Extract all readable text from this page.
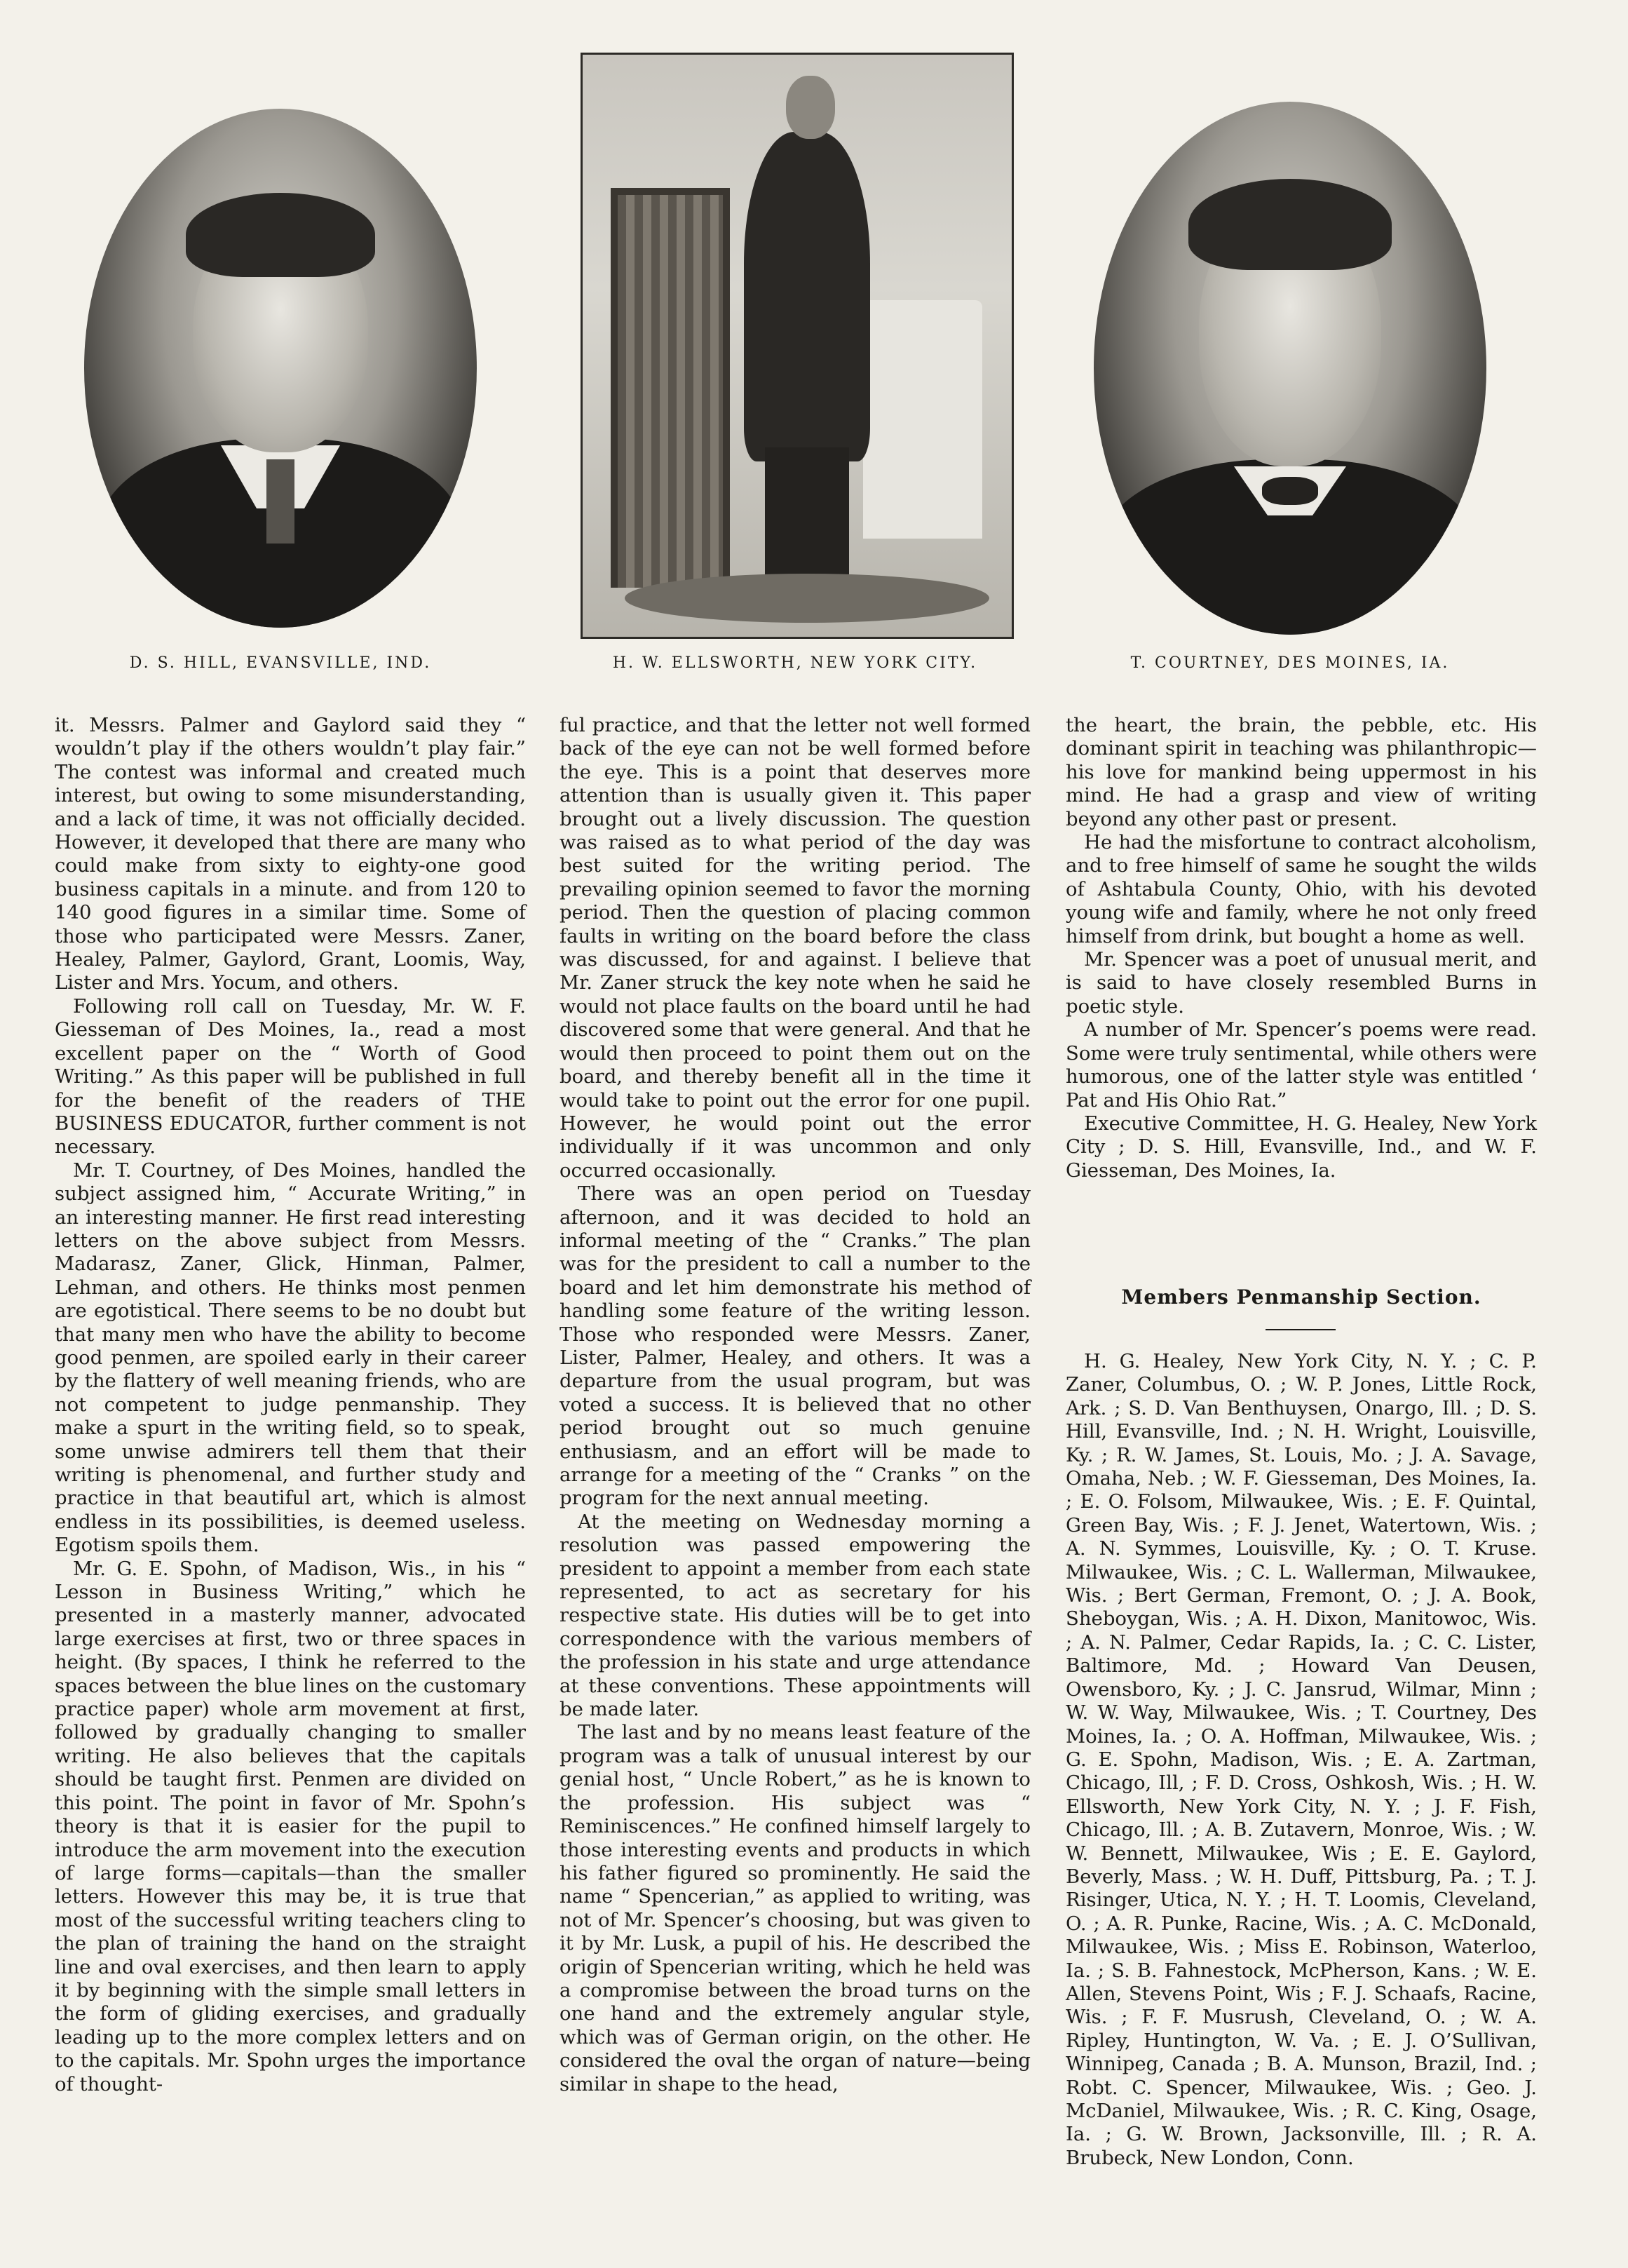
D. S. HILL, EVANSVILLE, IND.	H. W. ELLSWORTH, NEW YORK CITY.	T. COURTNEY, DES MOINES, IA.

it. Messrs. Palmer and Gaylord said they “ wouldn’t play if the others wouldn’t play fair.” The contest was informal and created much interest, but owing to some misunderstanding, and a lack of time, it was not officially decided. However, it developed that there are many who could make from sixty to eighty-one good business capitals in a minute. and from 120 to 140 good figures in a similar time. Some of those who participated were Messrs. Zaner, Healey, Palmer, Gaylord, Grant, Loomis, Way, Lister and Mrs. Yocum, and others.

Following roll call on Tuesday, Mr. W. F. Giesseman of Des Moines, Ia., read a most excellent paper on the “ Worth of Good Writing.” As this paper will be published in full for the benefit of the readers of THE BUSINESS EDUCATOR, further comment is not necessary.

Mr. T. Courtney, of Des Moines, handled the subject assigned him, “ Accurate Writing,” in an interesting manner. He first read interesting letters on the above subject from Messrs. Madarasz, Zaner, Glick, Hinman, Palmer, Lehman, and others. He thinks most penmen are egotistical. There seems to be no doubt but that many men who have the ability to become good penmen, are spoiled early in their career by the flattery of well meaning friends, who are not competent to judge penmanship. They make a spurt in the writing field, so to speak, some unwise admirers tell them that their writing is phenomenal, and further study and practice in that beautiful art, which is almost endless in its possibilities, is deemed useless. Egotism spoils them.

Mr. G. E. Spohn, of Madison, Wis., in his “ Lesson in Business Writing,” which he presented in a masterly manner, advocated large exercises at first, two or three spaces in height. (By spaces, I think he referred to the spaces between the blue lines on the customary practice paper) whole arm movement at first, followed by gradually changing to smaller writing. He also believes that the capitals should be taught first. Penmen are divided on this point. The point in favor of Mr. Spohn’s theory is that it is easier for the pupil to introduce the arm movement into the execution of large forms—capitals—than the smaller letters. However this may be, it is true that most of the successful writing teachers cling to the plan of training the hand on the straight line and oval exercises, and then learn to apply it by beginning with the simple small letters in the form of gliding exercises, and gradually leading up to the more complex letters and on to the capitals. Mr. Spohn urges the importance of thought-

ful practice, and that the letter not well formed back of the eye can not be well formed before the eye. This is a point that deserves more attention than is usually given it. This paper brought out a lively discussion. The question was raised as to what period of the day was best suited for the writing period. The prevailing opinion seemed to favor the morning period. Then the question of placing common faults in writing on the board before the class was discussed, for and against. I believe that Mr. Zaner struck the key note when he said he would not place faults on the board until he had discovered some that were general. And that he would then proceed to point them out on the board, and thereby benefit all in the time it would take to point out the error for one pupil. However, he would point out the error individually if it was uncommon and only occurred occasionally.

There was an open period on Tuesday afternoon, and it was decided to hold an informal meeting of the “ Cranks.” The plan was for the president to call a number to the board and let him demonstrate his method of handling some feature of the writing lesson. Those who responded were Messrs. Zaner, Lister, Palmer, Healey, and others. It was a departure from the usual program, but was voted a success. It is believed that no other period brought out so much genuine enthusiasm, and an effort will be made to arrange for a meeting of the “ Cranks ” on the program for the next annual meeting.

At the meeting on Wednesday morning a resolution was passed empowering the president to appoint a member from each state represented, to act as secretary for his respective state. His duties will be to get into correspondence with the various members of the profession in his state and urge attendance at these conventions. These appointments will be made later.

The last and by no means least feature of the program was a talk of unusual interest by our genial host, “ Uncle Robert,” as he is known to the profession. His subject was “ Reminiscences.” He confined himself largely to those interesting events and products in which his father figured so prominently. He said the name “ Spencerian,” as applied to writing, was not of Mr. Spencer’s choosing, but was given to it by Mr. Lusk, a pupil of his. He described the origin of Spencerian writing, which he held was a compromise between the broad turns on the one hand and the extremely angular style, which was of German origin, on the other. He considered the oval the organ of nature—being similar in shape to the head,

the heart, the brain, the pebble, etc. His dominant spirit in teaching was philanthropic—his love for mankind being uppermost in his mind. He had a grasp and view of writing beyond any other past or present.

He had the misfortune to contract alcoholism, and to free himself of same he sought the wilds of Ashtabula County, Ohio, with his devoted young wife and family, where he not only freed himself from drink, but bought a home as well.

Mr. Spencer was a poet of unusual merit, and is said to have closely resembled Burns in poetic style.

A number of Mr. Spencer’s poems were read. Some were truly sentimental, while others were humorous, one of the latter style was entitled ‘ Pat and His Ohio Rat.”

Executive Committee, H. G. Healey, New York City ; D. S. Hill, Evansville, Ind., and W. F. Giesseman, Des Moines, Ia.

Members Penmanship Section.

H. G. Healey, New York City, N. Y. ; C. P. Zaner, Columbus, O. ; W. P. Jones, Little Rock, Ark. ; S. D. Van Benthuysen, Onargo, Ill. ; D. S. Hill, Evansville, Ind. ; N. H. Wright, Louisville, Ky. ; R. W. James, St. Louis, Mo. ; J. A. Savage, Omaha, Neb. ; W. F. Giesseman, Des Moines, Ia. ; E. O. Folsom, Milwaukee, Wis. ; E. F. Quintal, Green Bay, Wis. ; F. J. Jenet, Watertown, Wis. ; A. N. Symmes, Louisville, Ky. ; O. T. Kruse. Milwaukee, Wis. ; C. L. Wallerman, Milwaukee, Wis. ; Bert German, Fremont, O. ; J. A. Book, Sheboygan, Wis. ; A. H. Dixon, Manitowoc, Wis. ; A. N. Palmer, Cedar Rapids, Ia. ; C. C. Lister, Baltimore, Md. ; Howard Van Deusen, Owensboro, Ky. ; J. C. Jansrud, Wilmar, Minn ; W. W. Way, Milwaukee, Wis. ; T. Courtney, Des Moines, Ia. ; O. A. Hoffman, Milwaukee, Wis. ; G. E. Spohn, Madison, Wis. ; E. A. Zartman, Chicago, Ill, ; F. D. Cross, Oshkosh, Wis. ; H. W. Ellsworth, New York City, N. Y. ; J. F. Fish, Chicago, Ill. ; A. B. Zutavern, Monroe, Wis. ; W. W. Bennett, Milwaukee, Wis ; E. E. Gaylord, Beverly, Mass. ; W. H. Duff, Pittsburg, Pa. ; T. J. Risinger, Utica, N. Y. ; H. T. Loomis, Cleveland, O. ; A. R. Punke, Racine, Wis. ; A. C. McDonald, Milwaukee, Wis. ; Miss E. Robinson, Waterloo, Ia. ; S. B. Fahnestock, McPherson, Kans. ; W. E. Allen, Stevens Point, Wis ; F. J. Schaafs, Racine, Wis. ; F. F. Musrush, Cleveland, O. ; W. A. Ripley, Huntington, W. Va. ; E. J. O’Sullivan, Winnipeg, Canada ; B. A. Munson, Brazil, Ind. ; Robt. C. Spencer, Milwaukee, Wis. ; Geo. J. McDaniel, Milwaukee, Wis. ; R. C. King, Osage, Ia. ; G. W. Brown, Jacksonville, Ill. ; R. A. Brubeck, New London, Conn.
